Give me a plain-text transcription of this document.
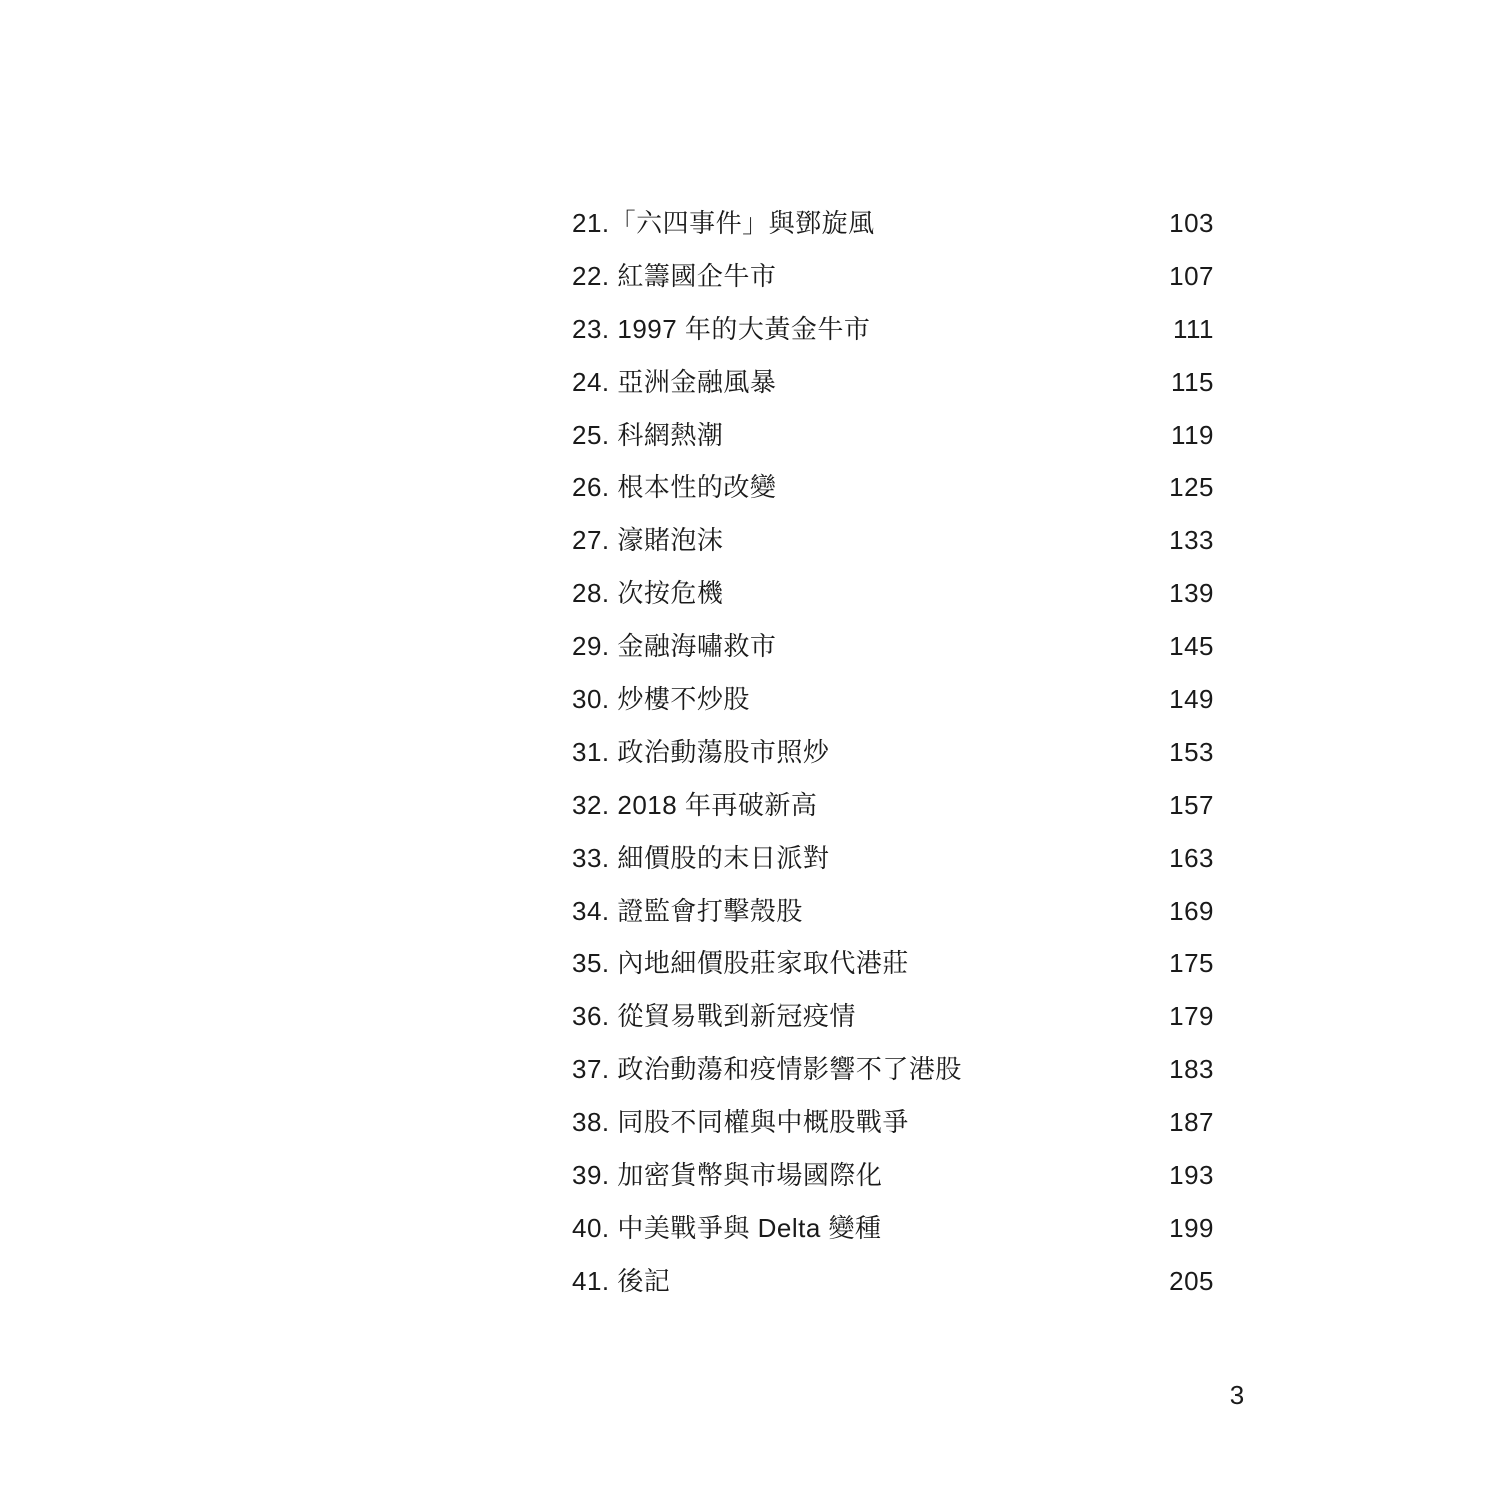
21.「六四事件」與鄧旋風	103
22. 紅籌國企牛市	107
23. 1997 年的大黃金牛市	111
24. 亞洲金融風暴	115
25. 科網熱潮	119
26. 根本性的改變	125
27. 濠賭泡沫	133
28. 次按危機	139
29. 金融海嘯救市	145
30. 炒樓不炒股	149
31. 政治動蕩股市照炒	153
32. 2018 年再破新高	157
33. 細價股的末日派對	163
34. 證監會打擊殼股	169
35. 內地細價股莊家取代港莊	175
36. 從貿易戰到新冠疫情	179
37. 政治動蕩和疫情影響不了港股	183
38. 同股不同權與中概股戰爭	187
39. 加密貨幣與市場國際化	193
40. 中美戰爭與 Delta 變種	199
41. 後記	205
3
